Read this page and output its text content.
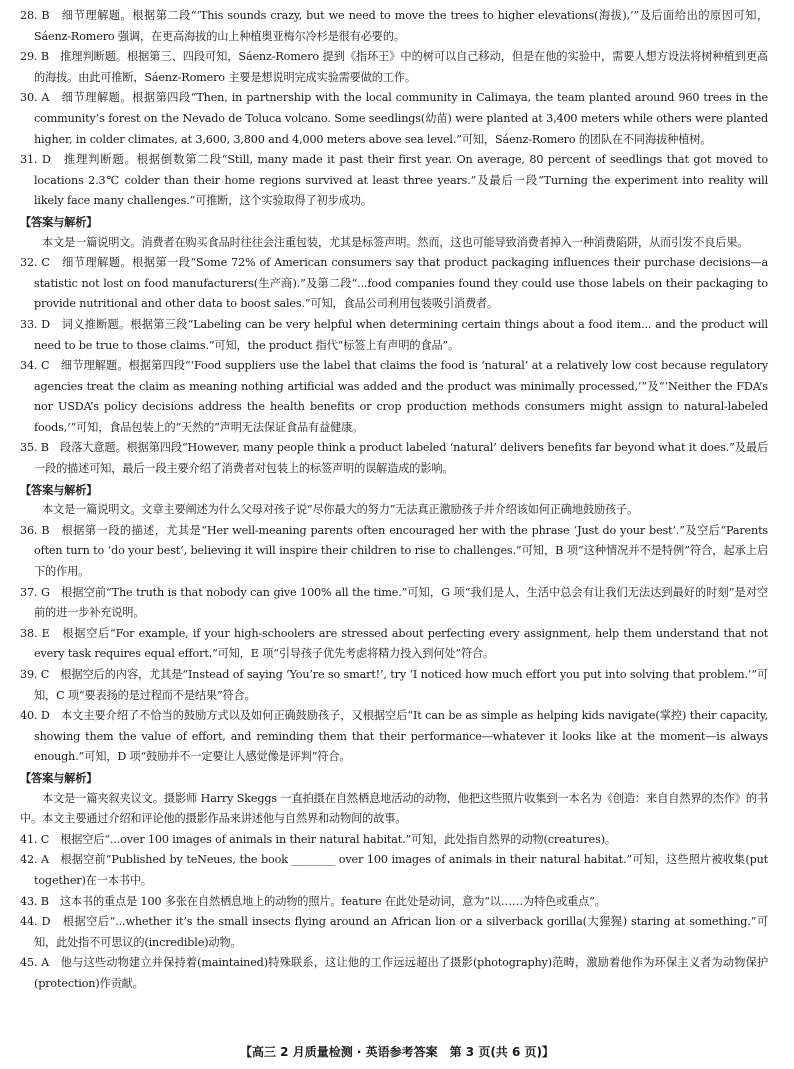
28. B　细节理解题。根据第二段“‘This sounds crazy, but we need to move the trees to higher elevations(海拔),’”及后面给出的原因可知，Sáenz-Romero 强调，在更高海拔的山上种植奥亚梅尔冷杉是很有必要的。

29. B　推理判断题。根据第三、四段可知，Sáenz-Romero 提到《指环王》中的树可以自己移动，但是在他的实验中，需要人想方设法将树种植到更高的海拔。由此可推断，Sáenz-Romero 主要是想说明完成实验需要做的工作。

30. A　细节理解题。根据第四段“Then, in partnership with the local community in Calimaya, the team planted around 960 trees in the community’s forest on the Nevado de Toluca volcano. Some seedlings(幼苗) were planted at 3,400 meters while others were planted higher, in colder climates, at 3,600, 3,800 and 4,000 meters above sea level.”可知，Sáenz-Romero 的团队在不同海拔种植树。

31. D　推理判断题。根据倒数第二段“Still, many made it past their first year. On average, 80 percent of seedlings that got moved to locations 2.3℃ colder than their home regions survived at least three years.”及最后一段“Turning the experiment into reality will likely face many challenges.”可推断，这个实验取得了初步成功。

【答案与解析】

本文是一篇说明文。消费者在购买食品时往往会注重包装，尤其是标签声明。然而，这也可能导致消费者掉入一种消费陷阱，从而引发不良后果。

32. C　细节理解题。根据第一段“Some 72% of American consumers say that product packaging influences their purchase decisions—a statistic not lost on food manufacturers(生产商).”及第二段“...food companies found they could use those labels on their packaging to provide nutritional and other data to boost sales.”可知，食品公司利用包装吸引消费者。

33. D　词义推断题。根据第三段“Labeling can be very helpful when determining certain things about a food item... and the product will need to be true to those claims.”可知，the product 指代“标签上有声明的食品”。

34. C　细节理解题。根据第四段“‘Food suppliers use the label that claims the food is ‘natural’ at a relatively low cost because regulatory agencies treat the claim as meaning nothing artificial was added and the product was minimally processed,’”及“‘Neither the FDA’s nor USDA’s policy decisions address the health benefits or crop production methods consumers might assign to natural-labeled foods,’”可知，食品包装上的“天然的”声明无法保证食品有益健康。

35. B　段落大意题。根据第四段“However, many people think a product labeled ‘natural’ delivers benefits far beyond what it does.”及最后一段的描述可知，最后一段主要介绍了消费者对包装上的标签声明的误解造成的影响。

【答案与解析】

本文是一篇说明文。文章主要阐述为什么父母对孩子说“尽你最大的努力”无法真正激励孩子并介绍该如何正确地鼓励孩子。

36. B　根据第一段的描述，尤其是“Her well-meaning parents often encouraged her with the phrase ‘Just do your best’.”及空后“Parents often turn to ‘do your best’, believing it will inspire their children to rise to challenges.”可知，B 项“这种情况并不是特例”符合，起承上启下的作用。

37. G　根据空前“The truth is that nobody can give 100% all the time.”可知，G 项“我们是人，生活中总会有让我们无法达到最好的时刻”是对空前的进一步补充说明。

38. E　根据空后“For example, if your high-schoolers are stressed about perfecting every assignment, help them understand that not every task requires equal effort.”可知，E 项“引导孩子优先考虑将精力投入到何处”符合。

39. C　根据空后的内容，尤其是“Instead of saying ‘You’re so smart!’, try ‘I noticed how much effort you put into solving that problem.’”可知，C 项“要表扬的是过程而不是结果”符合。

40. D　本文主要介绍了不恰当的鼓励方式以及如何正确鼓励孩子，又根据空后“It can be as simple as helping kids navigate(掌控) their capacity, showing them the value of effort, and reminding them that their performance—whatever it looks like at the moment—is always enough.”可知，D 项“鼓励并不一定要让人感觉像是评判”符合。

【答案与解析】

本文是一篇夹叙夹议文。摄影师 Harry Skeggs 一直拍摄在自然栖息地活动的动物，他把这些照片收集到一本名为《创造：来自自然界的杰作》的书中。本文主要通过介绍和评论他的摄影作品来讲述他与自然界和动物间的故事。

41. C　根据空后“...over 100 images of animals in their natural habitat.”可知，此处指自然界的动物(creatures)。

42. A　根据空前“Published by teNeues, the book ________ over 100 images of animals in their natural habitat.”可知，这些照片被收集(put together)在一本书中。

43. B　这本书的重点是 100 多张在自然栖息地上的动物的照片。feature 在此处是动词，意为“以……为特色或重点”。

44. D　根据空后“...whether it’s the small insects flying around an African lion or a silverback gorilla(大猩猩) staring at something.”可知，此处指不可思议的(incredible)动物。

45. A　他与这些动物建立并保持着(maintained)特殊联系，这让他的工作远远超出了摄影(photography)范畴，激励着他作为环保主义者为动物保护(protection)作贡献。

【高三 2 月质量检测 · 英语参考答案　第 3 页(共 6 页)】
